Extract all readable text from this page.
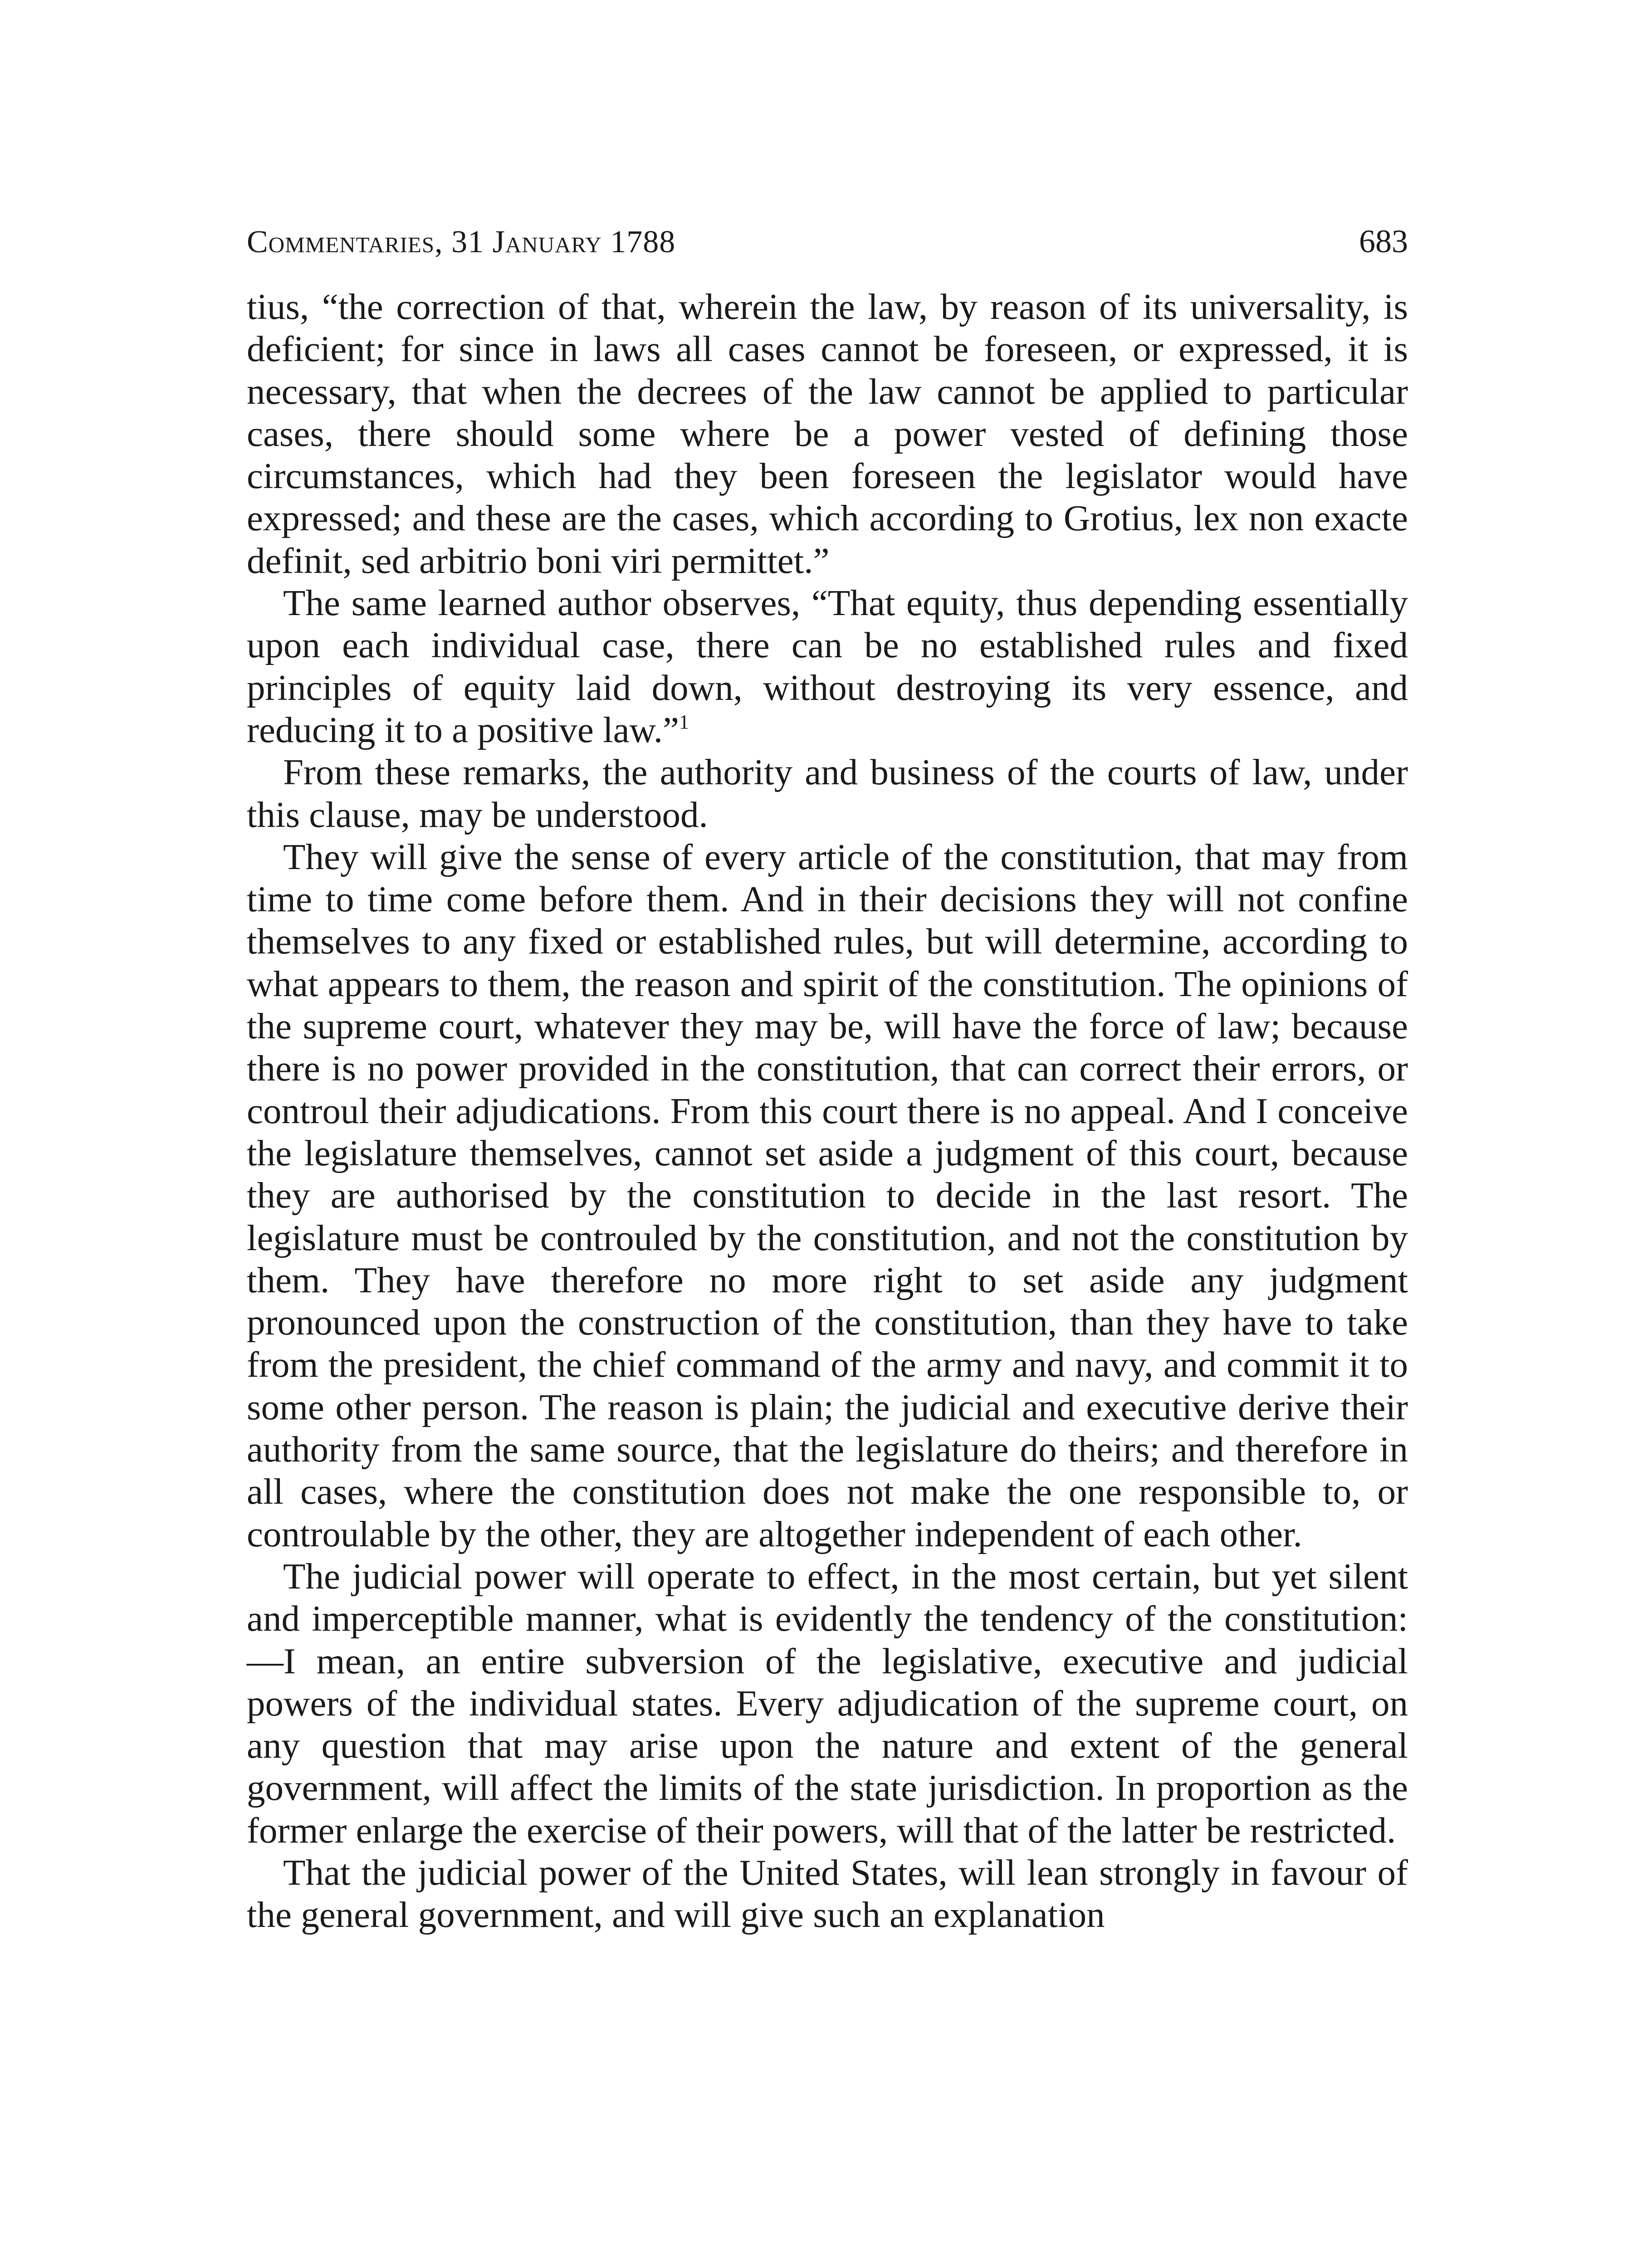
Commentaries, 31 January 1788	683

tius, “the correction of that, wherein the law, by reason of its universality, is deficient; for since in laws all cases cannot be foreseen, or expressed, it is necessary, that when the decrees of the law cannot be applied to particular cases, there should some where be a power vested of defining those circumstances, which had they been foreseen the legislator would have expressed; and these are the cases, which according to Grotius, lex non exacte definit, sed arbitrio boni viri permittet.”

The same learned author observes, “That equity, thus depending essentially upon each individual case, there can be no established rules and fixed principles of equity laid down, without destroying its very essence, and reducing it to a positive law.”$^1$

From these remarks, the authority and business of the courts of law, under this clause, may be understood.

They will give the sense of every article of the constitution, that may from time to time come before them. And in their decisions they will not confine themselves to any fixed or established rules, but will determine, according to what appears to them, the reason and spirit of the constitution. The opinions of the supreme court, whatever they may be, will have the force of law; because there is no power provided in the constitution, that can correct their errors, or controul their adjudications. From this court there is no appeal. And I conceive the legislature themselves, cannot set aside a judgment of this court, because they are authorised by the constitution to decide in the last resort. The legislature must be controuled by the constitution, and not the constitution by them. They have therefore no more right to set aside any judgment pronounced upon the construction of the constitution, than they have to take from the president, the chief command of the army and navy, and commit it to some other person. The reason is plain; the judicial and executive derive their authority from the same source, that the legislature do theirs; and therefore in all cases, where the constitution does not make the one responsible to, or controulable by the other, they are altogether independent of each other.

The judicial power will operate to effect, in the most certain, but yet silent and imperceptible manner, what is evidently the tendency of the constitution:—I mean, an entire subversion of the legislative, executive and judicial powers of the individual states. Every adjudication of the supreme court, on any question that may arise upon the nature and extent of the general government, will affect the limits of the state jurisdiction. In proportion as the former enlarge the exercise of their powers, will that of the latter be restricted.

That the judicial power of the United States, will lean strongly in favour of the general government, and will give such an explanation
